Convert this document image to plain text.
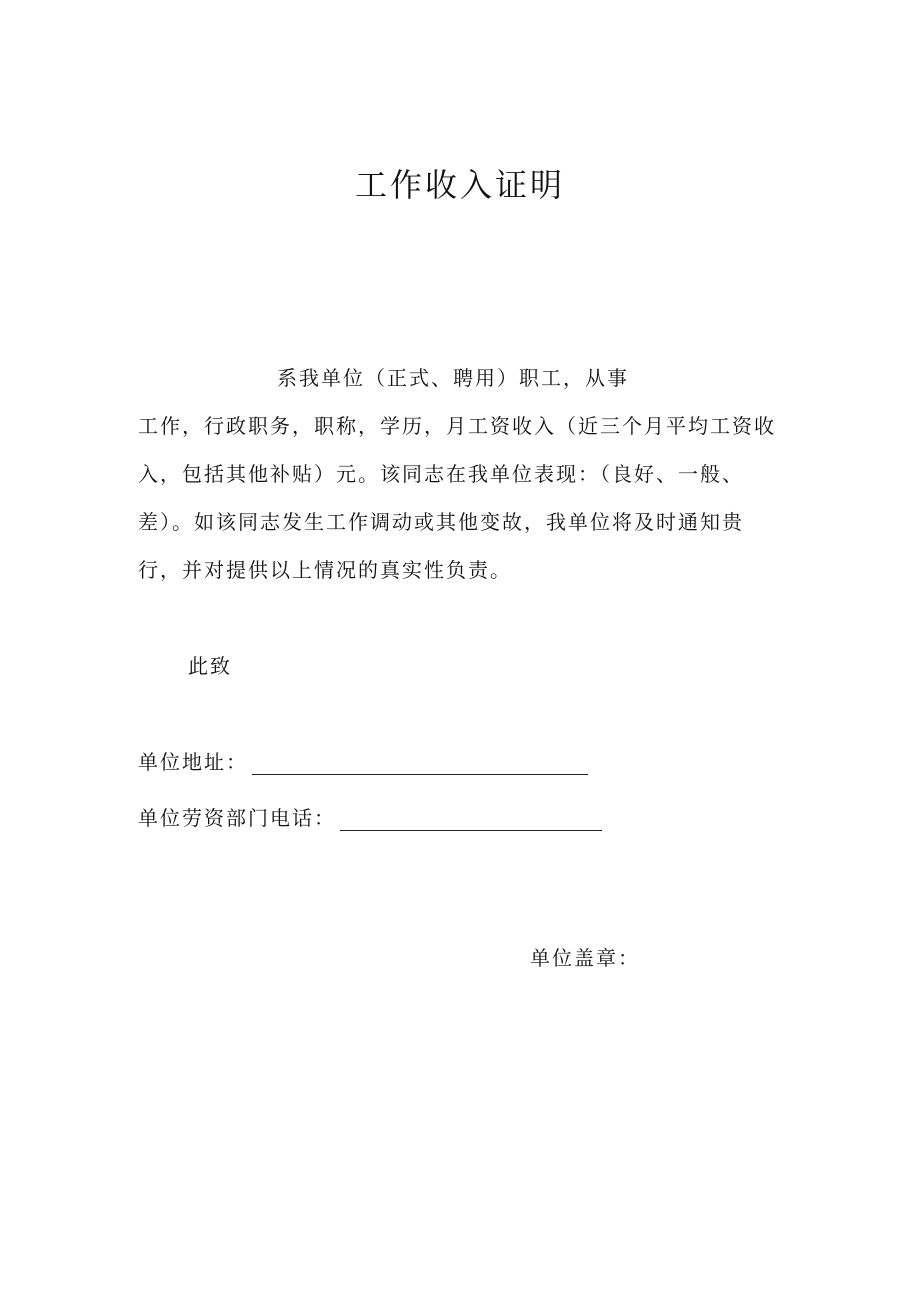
工作收入证明
系我单位（正式、聘用）职工，从事
工作，行政职务，职称，学历，月工资收入（近三个月平均工资收
入，包括其他补贴）元。该同志在我单位表现：（良好、一般、
差）。如该同志发生工作调动或其他变故，我单位将及时通知贵
行，并对提供以上情况的真实性负责。
此致
单位地址：
单位劳资部门电话：
单位盖章：
